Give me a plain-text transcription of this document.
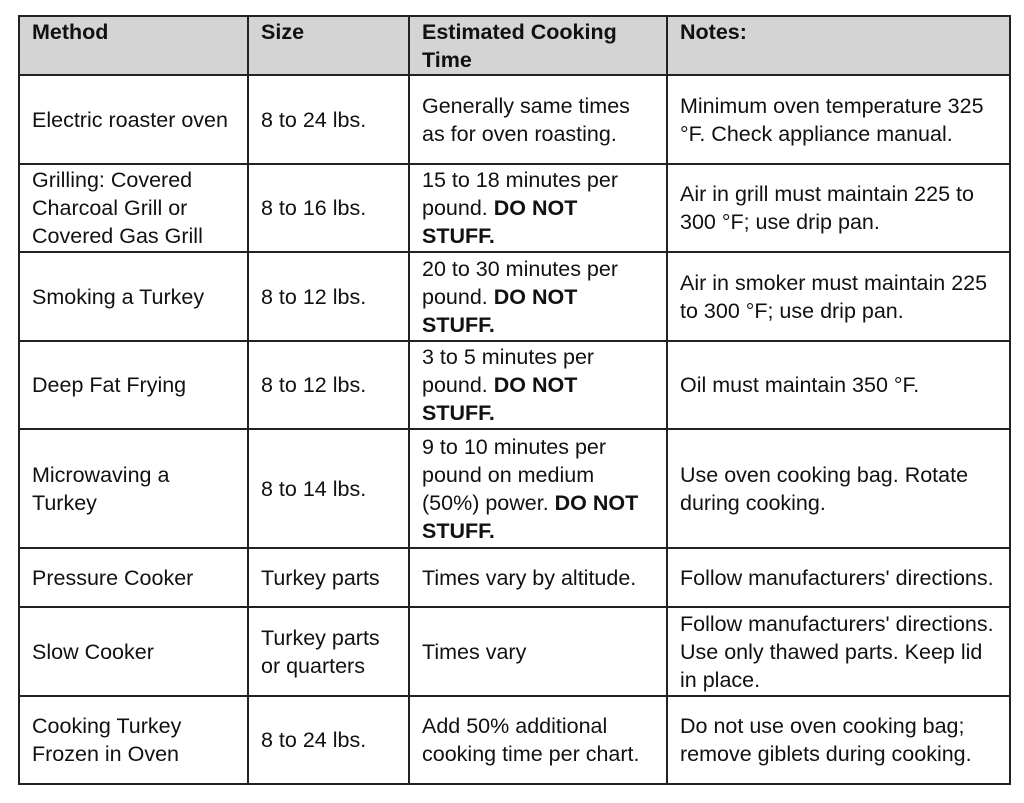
Method	Size	Estimated Cooking Time	Notes:
Electric roaster oven	8 to 24 lbs.	Generally same times as for oven roasting.	Minimum oven temperature 325 °F. Check appliance manual.
Grilling: Covered Charcoal Grill or Covered Gas Grill	8 to 16 lbs.	15 to 18 minutes per pound. DO NOT STUFF.	Air in grill must maintain 225 to 300 °F; use drip pan.
Smoking a Turkey	8 to 12 lbs.	20 to 30 minutes per pound. DO NOT STUFF.	Air in smoker must maintain 225 to 300 °F; use drip pan.
Deep Fat Frying	8 to 12 lbs.	3 to 5 minutes per pound. DO NOT STUFF.	Oil must maintain 350 °F.
Microwaving a Turkey	8 to 14 lbs.	9 to 10 minutes per pound on medium (50%) power. DO NOT STUFF.	Use oven cooking bag. Rotate during cooking.
Pressure Cooker	Turkey parts	Times vary by altitude.	Follow manufacturers' directions.
Slow Cooker	Turkey parts or quarters	Times vary	Follow manufacturers' directions. Use only thawed parts. Keep lid in place.
Cooking Turkey Frozen in Oven	8 to 24 lbs.	Add 50% additional cooking time per chart.	Do not use oven cooking bag; remove giblets during cooking.
